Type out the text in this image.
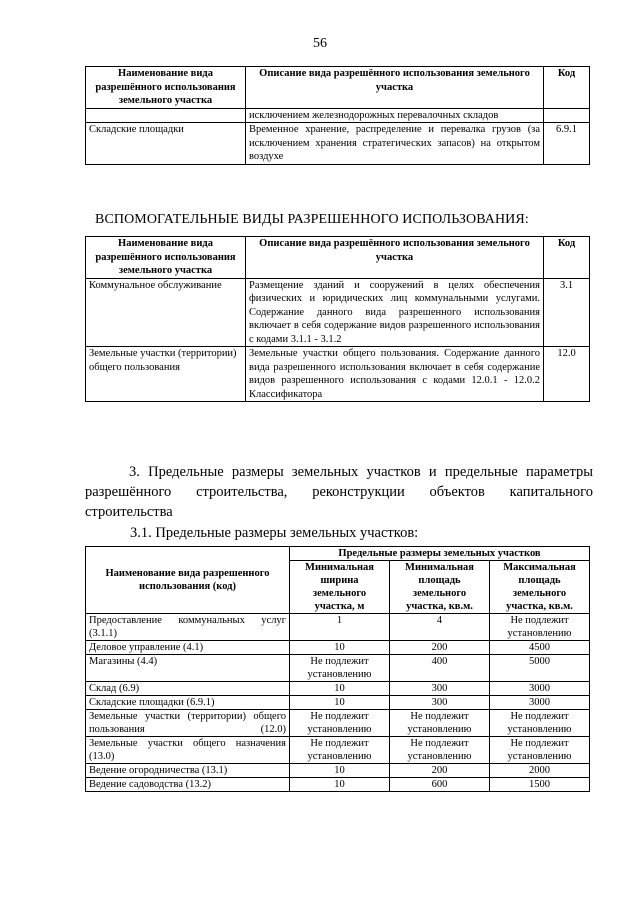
56
Наименование вида разрешённого использования земельного участка	Описание вида разрешённого использования земельного участка	Код
	исключением железнодорожных перевалочных складов	
Складские площадки	Временное хранение, распределение и перевалка грузов (за исключением хранения стратегических запасов) на открытом воздухе	6.9.1
ВСПОМОГАТЕЛЬНЫЕ ВИДЫ РАЗРЕШЕННОГО ИСПОЛЬЗОВАНИЯ:
Наименование вида разрешённого использования земельного участка	Описание вида разрешённого использования земельного участка	Код
Коммунальное обслуживание	Размещение зданий и сооружений в целях обеспечения физических и юридических лиц коммунальными услугами. Содержание данного вида разрешенного использования включает в себя содержание видов разрешенного использования с кодами 3.1.1 - 3.1.2	3.1
Земельные участки (территории) общего пользования	Земельные участки общего пользования. Содержание данного вида разрешенного использования включает в себя содержание видов разрешенного использования с кодами 12.0.1 - 12.0.2 Классификатора	12.0
3. Предельные размеры земельных участков и предельные параметры разрешённого строительства, реконструкции объектов капитального строительства
3.1. Предельные размеры земельных участков:
Наименование вида разрешенного использования (код)	Предельные размеры земельных участков		
	Минимальная ширина земельного участка, м	Минимальная площадь земельного участка, кв.м.	Максимальная площадь земельного участка, кв.м.
Предоставление коммунальных услуг (3.1.1)	1	4	Не подлежит установлению
Деловое управление (4.1)	10	200	4500
Магазины (4.4)	Не подлежит установлению	400	5000
Склад (6.9)	10	300	3000
Складские площадки (6.9.1)	10	300	3000
Земельные участки (территории) общего пользования (12.0)	Не подлежит установлению	Не подлежит установлению	Не подлежит установлению
Земельные участки общего назначения (13.0)	Не подлежит установлению	Не подлежит установлению	Не подлежит установлению
Ведение огородничества (13.1)	10	200	2000
Ведение садоводства (13.2)	10	600	1500
